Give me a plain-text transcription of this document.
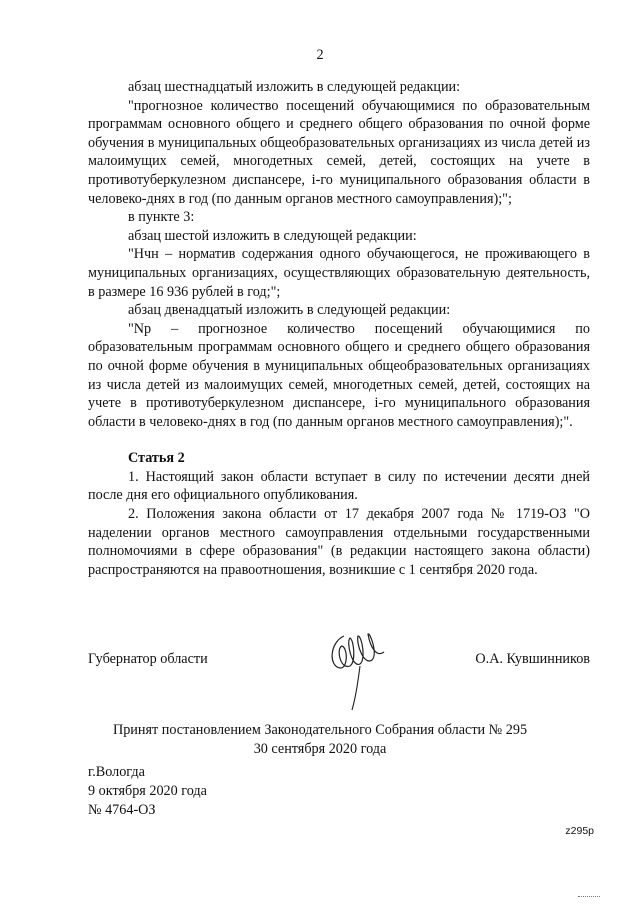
2

абзац шестнадцатый изложить в следующей редакции:

"прогнозное количество посещений обучающимися по образовательным программам основного общего и среднего общего образования по очной форме обучения в муниципальных общеобразовательных организациях из числа детей из малоимущих семей, многодетных семей, детей, состоящих на учете в противотуберкулезном диспансере, i-го муниципального образования области в человеко-днях в год (по данным органов местного самоуправления);";

в пункте 3:

абзац шестой изложить в следующей редакции:

"Нчн – норматив содержания одного обучающегося, не проживающего в муниципальных организациях, осуществляющих образовательную деятельность, в размере 16 936 рублей в год;";

абзац двенадцатый изложить в следующей редакции:

"Np – прогнозное количество посещений обучающимися по образовательным программам основного общего и среднего общего образования по очной форме обучения в муниципальных общеобразовательных организациях из числа детей из малоимущих семей, многодетных семей, детей, состоящих на учете в противотуберкулезном диспансере, i-го муниципального образования области в человеко-днях в год (по данным органов местного самоуправления);".

Статья 2

1. Настоящий закон области вступает в силу по истечении десяти дней после дня его официального опубликования.

2. Положения закона области от 17 декабря 2007 года № 1719-ОЗ "О наделении органов местного самоуправления отдельными государственными полномочиями в сфере образования" (в редакции настоящего закона области) распространяются на правоотношения, возникшие с 1 сентября 2020 года.

Губернатор области	О.А. Кувшинников
Принят постановлением Законодательного Собрания области № 295
30 сентября 2020 года
г.Вологда
9 октября 2020 года
№ 4764-ОЗ
z295p
